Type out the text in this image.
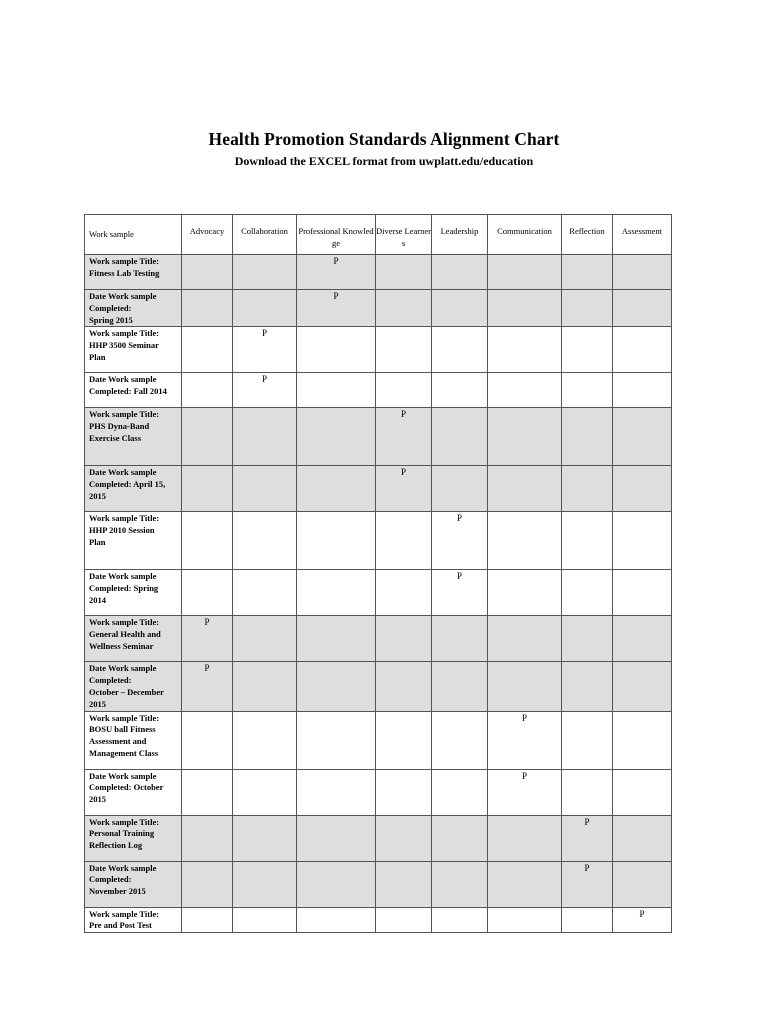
Health Promotion Standards Alignment Chart
Download the EXCEL format from uwplatt.edu/education
Work sample	Advocacy	Collaboration	Professional Knowledge	Diverse Learners	Leadership	Communication	Reflection	Assessment

Work sample Title:
Fitness Lab Testing			P					

Date Work sample
Completed:
Spring 2015			P					

Work sample Title:
HHP 3500 Seminar
Plan		P						

Date Work sample
Completed: Fall 2014		P						

Work sample Title:
PHS Dyna-Band
Exercise Class				P				

Date Work sample
Completed: April 15,
2015				P				

Work sample Title:
HHP 2010 Session
Plan					P			

Date Work sample
Completed: Spring
2014					P			

Work sample Title:
General Health and
Wellness Seminar	P							

Date Work sample
Completed:
October – December
2015	P							

Work sample Title:
BOSU ball Fitness
Assessment and
Management Class						P		

Date Work sample
Completed: October
2015						P		

Work sample Title:
Personal Training
Reflection Log							P	

Date Work sample
Completed:
November 2015							P	

Work sample Title:
Pre and Post Test								P
